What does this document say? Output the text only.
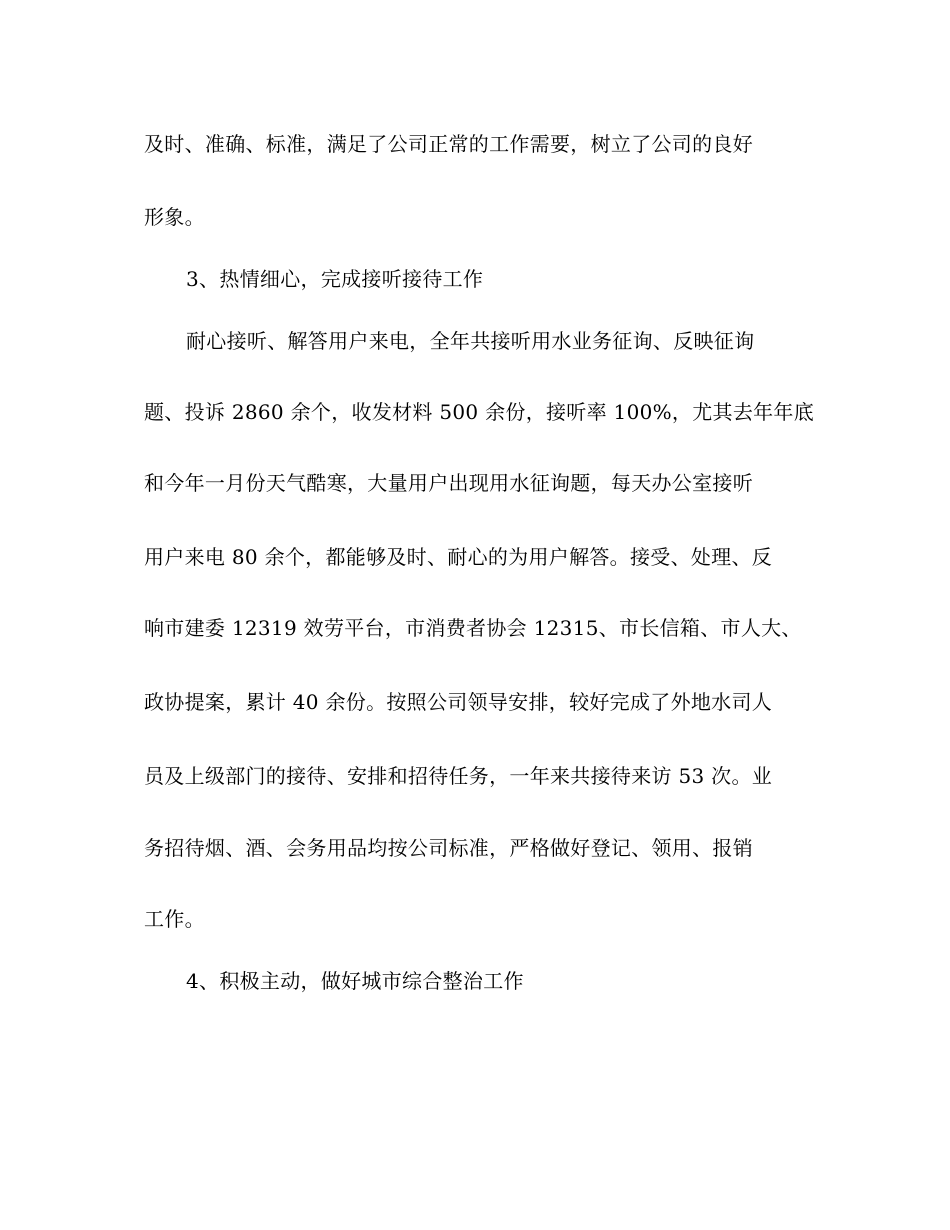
及时、准确、标准，满足了公司正常的工作需要，树立了公司的良好
形象。
3、热情细心，完成接听接待工作
耐心接听、解答用户来电，全年共接听用水业务征询、反映征询
题、投诉 2860 余个，收发材料 500 余份，接听率 100%，尤其去年年底
和今年一月份天气酷寒，大量用户出现用水征询题，每天办公室接听
用户来电 80 余个，都能够及时、耐心的为用户解答。接受、处理、反
响市建委 12319 效劳平台，市消费者协会 12315、市长信箱、市人大、
政协提案，累计 40 余份。按照公司领导安排，较好完成了外地水司人
员及上级部门的接待、安排和招待任务，一年来共接待来访 53 次。业
务招待烟、酒、会务用品均按公司标准，严格做好登记、领用、报销
工作。
4、积极主动，做好城市综合整治工作
